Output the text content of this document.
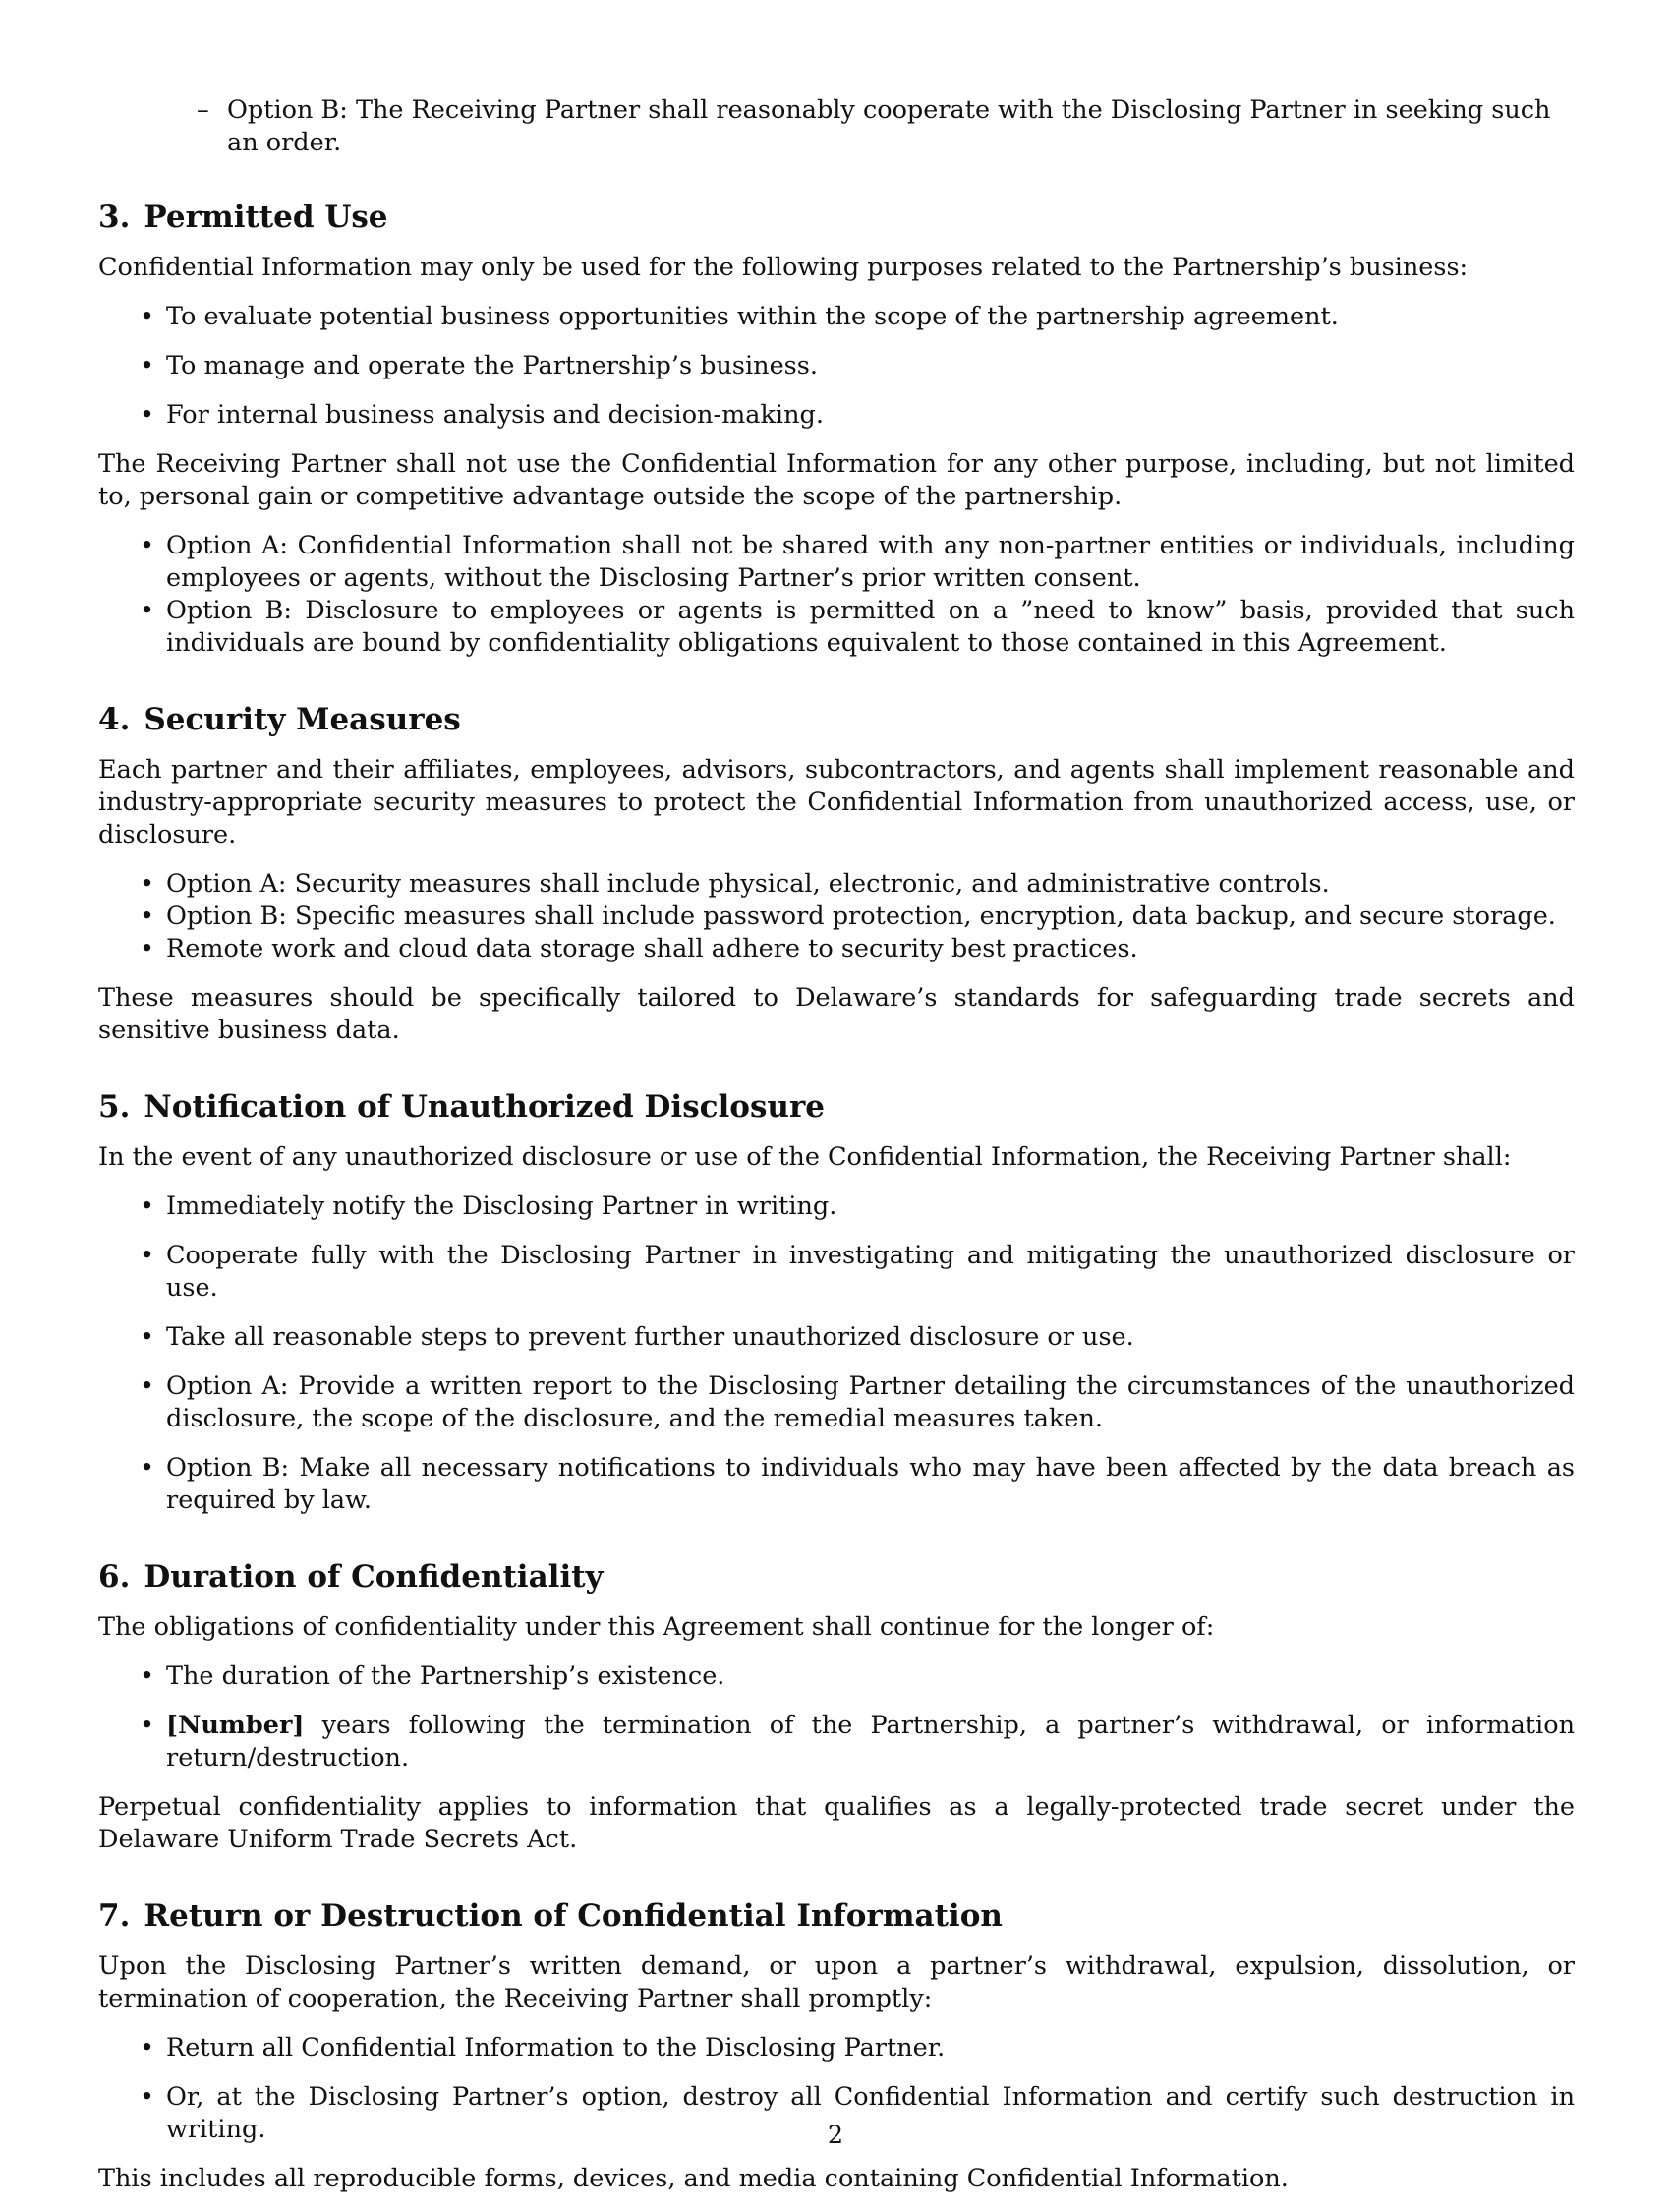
– Option B: The Receiving Partner shall reasonably cooperate with the Disclosing Partner in seeking such an order.
3. Permitted Use

Confidential Information may only be used for the following purposes related to the Partnership’s business:

• To evaluate potential business opportunities within the scope of the partnership agreement.
• To manage and operate the Partnership’s business.
• For internal business analysis and decision-making.

The Receiving Partner shall not use the Confidential Information for any other purpose, including, but not limited to, personal gain or competitive advantage outside the scope of the partnership.

• Option A: Confidential Information shall not be shared with any non-partner entities or individuals, including employees or agents, without the Disclosing Partner’s prior written consent.
• Option B: Disclosure to employees or agents is permitted on a ”need to know” basis, provided that such individuals are bound by confidentiality obligations equivalent to those contained in this Agreement.
4. Security Measures

Each partner and their affiliates, employees, advisors, subcontractors, and agents shall implement reasonable and industry-appropriate security measures to protect the Confidential Information from unauthorized access, use, or disclosure.

• Option A: Security measures shall include physical, electronic, and administrative controls.
• Option B: Specific measures shall include password protection, encryption, data backup, and secure storage.
• Remote work and cloud data storage shall adhere to security best practices.

These measures should be specifically tailored to Delaware’s standards for safeguarding trade secrets and sensitive business data.

5. Notification of Unauthorized Disclosure

In the event of any unauthorized disclosure or use of the Confidential Information, the Receiving Partner shall:

• Immediately notify the Disclosing Partner in writing.
• Cooperate fully with the Disclosing Partner in investigating and mitigating the unauthorized disclosure or use.
• Take all reasonable steps to prevent further unauthorized disclosure or use.
• Option A: Provide a written report to the Disclosing Partner detailing the circumstances of the unauthorized disclosure, the scope of the disclosure, and the remedial measures taken.
• Option B: Make all necessary notifications to individuals who may have been affected by the data breach as required by law.
6. Duration of Confidentiality

The obligations of confidentiality under this Agreement shall continue for the longer of:

• The duration of the Partnership’s existence.
• [Number] years following the termination of the Partnership, a partner’s withdrawal, or information return/destruction.

Perpetual confidentiality applies to information that qualifies as a legally-protected trade secret under the Delaware Uniform Trade Secrets Act.

7. Return or Destruction of Confidential Information

Upon the Disclosing Partner’s written demand, or upon a partner’s withdrawal, expulsion, dissolution, or termination of cooperation, the Receiving Partner shall promptly:

• Return all Confidential Information to the Disclosing Partner.
• Or, at the Disclosing Partner’s option, destroy all Confidential Information and certify such destruction in writing.

This includes all reproducible forms, devices, and media containing Confidential Information.

2
